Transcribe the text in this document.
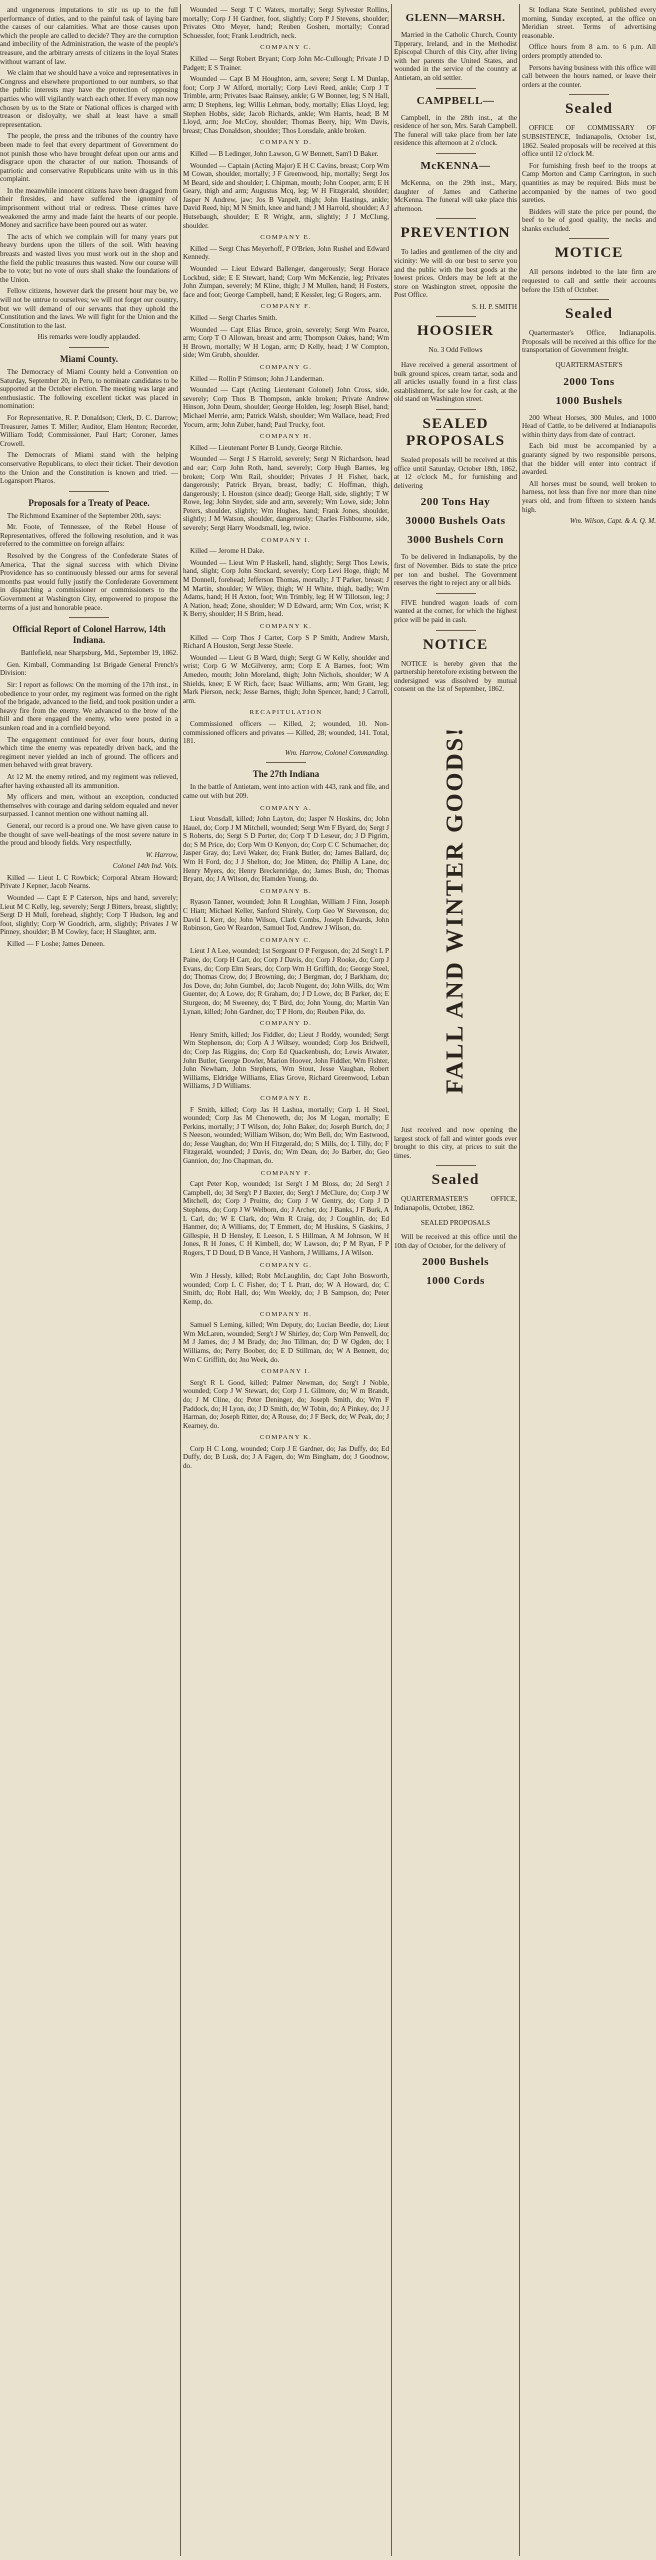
and ungenerous imputations to stir us up to the full performance of duties, and to the painful task of laying bare the causes of our calamities. What are those causes upon which the people are called to decide? They are the corruption and imbecility of the Administration, the waste of the people's treasure, and the arbitrary arrests of citizens in the loyal States without warrant of law.

We claim that we should have a voice and representatives in Congress and elsewhere proportioned to our numbers, so that the public interests may have the protection of opposing parties who will vigilantly watch each other. If every man now chosen by us to the State or National offices is charged with treason or disloyalty, we shall at least have a small representation.

The people, the press and the tribunes of the country have been made to feel that every department of Government do not punish those who have brought defeat upon our arms and disgrace upon the character of our nation. Thousands of patriotic and conservative Republicans unite with us in this complaint.

In the meanwhile innocent citizens have been dragged from their firesides, and have suffered the ignominy of imprisonment without trial or redress. These crimes have weakened the army and made faint the hearts of our people. Money and sacrifice have been poured out as water.

The acts of which we complain will for many years put heavy burdens upon the tillers of the soil. With heaving breasts and wasted lives you must work out in the shop and the field the public treasures thus wasted. Now our course will be to vote; but no vote of ours shall shake the foundations of the Union.

Fellow citizens, however dark the present hour may be, we will not be untrue to ourselves; we will not forget our country, but we will demand of our servants that they uphold the Constitution and the laws. We will fight for the Union and the Constitution to the last.

His remarks were loudly applauded.

Miami County.

The Democracy of Miami County held a Convention on Saturday, September 20, in Peru, to nominate candidates to be supported at the October election. The meeting was large and enthusiastic. The following excellent ticket was placed in nomination:

For Representative, R. P. Donaldson; Clerk, D. C. Darrow; Treasurer, James T. Miller; Auditor, Elam Henton; Recorder, William Todd; Commissioner, Paul Hart; Coroner, James Crowell.

The Democrats of Miami stand with the helping conservative Republicans, to elect their ticket. Their devotion to the Union and the Constitution is known and tried. — Logansport Pharos.

Proposals for a Treaty of Peace.

The Richmond Examiner of the September 20th, says:

Mr. Foote, of Tennessee, of the Rebel House of Representatives, offered the following resolution, and it was referred to the committee on foreign affairs:

Resolved by the Congress of the Confederate States of America, That the signal success with which Divine Providence has so continuously blessed our arms for several months past would fully justify the Confederate Government in dispatching a commissioner or commissioners to the Government at Washington City, empowered to propose the terms of a just and honorable peace.

Official Report of Colonel Harrow, 14th Indiana.

Battlefield, near Sharpsburg, Md., September 19, 1862.

Gen. Kimball, Commanding 1st Brigade General French's Division:

Sir: I report as follows: On the morning of the 17th inst., in obedience to your order, my regiment was formed on the right of the brigade, advanced to the field, and took position under a heavy fire from the enemy. We advanced to the brow of the hill and there engaged the enemy, who were posted in a sunken road and in a cornfield beyond.

The engagement continued for over four hours, during which time the enemy was repeatedly driven back, and the regiment never yielded an inch of ground. The officers and men behaved with great bravery.

At 12 M. the enemy retired, and my regiment was relieved, after having exhausted all its ammunition.

My officers and men, without an exception, conducted themselves with courage and daring seldom equaled and never surpassed. I cannot mention one without naming all.

General, our record is a proud one. We have given cause to be thought of save well-beatings of the most severe nature in the proud and bloody fields. Very respectfully,

W. Harrow,

Colonel 14th Ind. Vols.

Killed — Lieut L C Rowbick; Corporal Abram Howard; Private J Kepner, Jacob Nearns.

Wounded — Capt E P Caterson, hips and hand, severely; Lieut M C Kelly, leg, severely; Sergt J Bitters, breast, slightly; Sergt D H Mull, forehead, slightly; Corp T Hudson, leg and foot, slightly; Corp W Goodrich, arm, slightly; Privates J W Pinney, shoulder; B M Cowley, face; H Slaughter, arm.

Killed — F Loshe; James Deneen.

Wounded — Sergt T C Waters, mortally; Sergt Sylvester Rollins, mortally; Corp J H Gardner, foot, slightly; Corp P J Stevens, shoulder; Privates Otto Meyer, hand; Reuben Goshen, mortally; Conrad Schuessler, foot; Frank Leudtrich, neck.

COMPANY C.

Killed — Sergt Robert Bryant; Corp John Mc-Cullough; Private J D Padgett; E S Trainer.

Wounded — Capt B M Houghton, arm, severe; Sergt L M Dunlap, foot; Corp J W Alford, mortally; Corp Levi Reed, ankle; Corp J T Trimble, arm; Privates Isaac Rainsey, ankle; G W Bonner, leg; S N Hall, arm; D Stephens, leg; Willis Lehman, body, mortally; Elias Lloyd, leg; Stephen Hobbs, side; Jacob Richards, ankle; Wm Harris, head; B M Lloyd, arm; Joe McCoy, shoulder; Thomas Beery, hip; Wm Davis, breast; Chas Donaldson, shoulder; Thos Lonsdale, ankle broken.

COMPANY D.

Killed — B Ledinger, John Lawson, G W Bennett, Sam'l D Baker.

Wounded — Captain (Acting Major) E H C Cavins, breast; Corp Wm M Cowan, shoulder, mortally; J F Greenwood, hip, mortally; Sergt Jos M Beard, side and shoulder; L Chipman, mouth; John Cooper, arm; E H Geary, thigh and arm; Augustus Mcq, leg; W H Fitzgerald, shoulder; Jasper N Andrew, jaw; Jos B Vanpelt, thigh; John Hastings, ankle; David Reed, hip; M N Smith, knee and hand; J M Harrold, shoulder; A J Hutsebaugh, shoulder; E R Wright, arm, slightly; J J McClung, shoulder.

COMPANY E.

Killed — Sergt Chas Meyerhoff, P O'Brien, John Rushel and Edward Kennedy.

Wounded — Lieut Edward Ballenger, dangerously; Sergt Horace Lockbud, side; E E Stewart, hand; Corp Wm McKenzie, leg; Privates John Zumpan, severely; M Kline, thigh; J M Mullen, hand; H Fosters, face and foot; George Campbell, hand; E Kessler, leg; G Rogers, arm.

COMPANY F.

Killed — Sergt Charles Smith.

Wounded — Capt Elias Bruce, groin, severely; Sergt Wm Pearce, arm; Corp T O Allowan, breast and arm; Thompson Oakes, hand; Wm H Brown, mortally; W H Logan, arm; D Kelly, head; J W Compton, side; Wm Grubb, shoulder.

COMPANY G.

Killed — Rollin P Stimson; John J Landerman.

Wounded — Capt (Acting Lieutenant Colonel) John Cross, side, severely; Corp Thos B Thompson, ankle broken; Private Andrew Hinson, John Deum, shoulder; George Holden, leg; Joseph Bisel, hand; Michael Merrie, arm; Patrick Walsh, shoulder; Wm Wallace, head; Fred Yocum, arm; John Zuber, hand; Paul Trucky, foot.

COMPANY H.

Killed — Lieutenant Porter B Lundy, George Ritchie.

Wounded — Sergt J S Harrold, severely; Sergt N Richardson, head and ear; Corp John Roth, hand, severely; Corp Hugh Barnes, leg broken; Corp Wm Rail, shoulder; Privates J H Fisher, back, dangerously; Patrick Bryan, breast, badly; C Hoffman, thigh, dangerously; L Houston (since dead); George Hall, side, slightly; T W Rowe, leg; John Snyder, side and arm, severely; Wm Lowe, side; John Peters, shoulder, slightly; Wm Hughes, hand; Frank Jones, shoulder, slightly; J M Watson, shoulder, dangerously; Charles Fishbourne, side, severely; Sergt Harry Woodsmall, leg, twice.

COMPANY I.

Killed — Jerome H Dake.

Wounded — Lieut Wm P Haskell, hand, slightly; Sergt Thos Lewis, hand, slight; Corp John Stockard, severely; Corp Levi Hoge, thigh; M M Donnell, forehead; Jefferson Thomas, mortally; J T Parker, breast; J M Martin, shoulder; W Wiley, thigh; W H White, thigh, badly; Wm Adams, hand; H H Axton, foot; Wm Trimbly, leg; H W Tillotson, leg; J A Nation, head; Zone, shoulder; W D Edward, arm; Wm Cox, wrist; K K Berry, shoulder; H S Brim, head.

COMPANY K.

Killed — Corp Thos J Carter, Corp S P Smith, Andrew Marsh, Richard A Houston, Sergt Jesse Steele.

Wounded — Lieut G B Ward, thigh; Sergt G W Kelly, shoulder and wrist; Corp G W McGilverey, arm; Corp E A Barnes, foot; Wm Amedeo, mouth; John Moreland, thigh; John Nichols, shoulder; W A Shields, knee; E W Rich, face; Isaac Williams, arm; Wm Grant, leg; Mark Pierson, neck; Jesse Barnes, thigh; John Spencer, hand; J Carroll, arm.

RECAPITULATION

Commissioned officers — Killed, 2; wounded, 10. Non-commissioned officers and privates — Killed, 28; wounded, 141. Total, 181.

Wm. Harrow, Colonel Commanding.

The 27th Indiana

In the battle of Antietam, went into action with 443, rank and file, and came out with but 209.

COMPANY A.

Lieut Vonsdall, killed; John Layton, do; Jasper N Hoskins, do; John Hauel, do; Corp J M Mitchell, wounded; Sergt Wm F Byard, do; Sergt J S Roberts, do; Sergt S D Porter, do; Corp T D Leseur, do; J D Pigrim, do; S M Price, do; Corp Wm O Kenyon, do; Corp C C Schumacher, do; Jasper Gray, do; Levi Waker, do; Frank Butler, do; James Ballard, do; Wm H Ford, do; J J Shelton, do; Joe Mitten, do; Phillip A Lane, do; Henry Myers, do; Henry Breckenridge, do; James Bush, do; Thomas Bryant, do; J A Wilson, do; Hamden Young, do.

COMPANY B.

Ryason Tanner, wounded; John R Loughlan, William J Finn, Joseph C Hiatt; Michael Keller, Sanford Shirely, Corp Geo W Stevenson, do; David L Kerr, do; John Wilson, Clark Combs, Joseph Edwards, John Robinson, Geo W Reardon, Samuel Tod, Andrew J Wilson, do.

COMPANY C.

Lieut J A Lee, wounded; 1st Sergeant O P Ferguson, do; 2d Serg't L P Paine, do; Corp H Carr, do; Corp J Davis, do; Corp J Rooke, do; Corp J Evans, do; Corp Elm Sears, do; Corp Wm H Griffith, do; George Steel, do; Thomas Crow, do; J Browning, do; J Bergman, do; J Barkham, do; Jos Dove, do; John Gumbel, do; Jacob Nugent, do; John Wills, do; Wm Guenter, do; A Lowe, do; R Graham, do; J D Lowe, do; B Parker, do; E Sturgeon, do; M Sweeney, do; T Bird, do; John Young, do; Martin Van Lynan, killed; John Gardner, do; T P Horn, do; Reuben Pike, do.

COMPANY D.

Henry Smith, killed; Jos Fiddler, do; Lieut J Roddy, wounded; Sergt Wm Stephenson, do; Corp A J Wiltsey, wounded; Corp Jos Bridwell, do; Corp Jas Riggins, do; Corp Ed Quackenbush, do; Lewis Atwater, John Butler, George Dowler, Marion Hoover, John Fiddler, Wm Fishter, John Newham, John Stephens, Wm Stout, Jesse Vaughan, Robert Williams, Eldridge Williams, Elias Grove, Richard Greenwood, Leban Williams, J D Williams.

COMPANY E.

F Smith, killed; Corp Jas H Lashua, mortally; Corp L H Steel, wounded; Corp Jas M Chenoweth, do; Jos M Logan, mortally; E Perkins, mortally; J T Wilson, do; John Baker, do; Joseph Burtch, do; J S Neeson, wounded; William Wilson, do; Wm Bell, do; Wm Eastwood, do; Jesse Vaughan, do; Wm H Fitzgerald, do; S Mills, do; L Tilly, do; F Fitzgerald, wounded; J Davis, do; Wm Dean, do; Jo Barber, do; Geo Gannion, do; Jno Chapman, do.

COMPANY F.

Capt Peter Kop, wounded; 1st Serg't J M Bloss, do; 2d Serg't J Campbell, do; 3d Serg't P J Baxter, do; Serg't J McClure, do; Corp J W Mitchell, do; Corp J Pruitte, do; Corp J W Gentry, do; Corp J D Stephens, do; Corp J W Welborn, do; J Archer, do; J Banks, J F Burk, A L Carl, do; W E Clark, do; Wm R Craig, do; J Coughlin, do; Ed Hanmer, do; A Williams, do; T Emmett, do; M Huskins, S Gaskins, J Gillespie, H D Hensley, E Leeson, L S Hillman, A M Johnson, W H Jones, R H Jones, C H Kimbell, do; W Lawson, do; P M Ryan, F P Rogers, T D Doud, D B Vance, H Vanhorn, J Williams, J A Wilson.

COMPANY G.

Wm J Hessly, killed; Robt McLaughlin, do; Capt John Bosworth, wounded; Corp L C Fisher, do; T L Pratt, do; W A Howard, do; C Smith, do; Robt Hall, do; Wm Weekly, do; J B Sampson, do; Peter Kemp, do.

COMPANY H.

Samuel S Leming, killed; Wm Deputy, do; Lucian Beedle, do; Lieut Wm McLaren, wounded; Serg't J W Shirley, do; Corp Wm Penwell, do; M J James, do; J M Brady, do; Jno Tillman, do; D W Ogden, do; I Williams, do; Perry Boober, do; E D Stillman, do; W A Bennett, do; Wm C Griffith, do; Jno Week, do.

COMPANY I.

Serg't R L Good, killed; Palmer Newman, do; Serg't J Noble, wounded; Corp J W Stewart, do; Corp J L Gilmore, do; W m Brandt, do; J M Cline, do; Peter Deninger, do; Joseph Smith, do; Wm F Paddock, do; H Lyon, do; J D Smith, do; W Tobin, do; A Pinkey, do; J J Harman, do; Joseph Ritter, do; A Rouse, do; J F Beck, do; W Peak, do; J Kearney, do.

COMPANY K.

Corp H C Long, wounded; Corp J E Gardner, do; Jas Duffy, do; Ed Duffy, do; B Lusk, do; J A Fagen, do; Wm Bingham, do; J Goodnow, do.

GLENN—MARSH.

Married in the Catholic Church, County Tipperary, Ireland, and in the Methodist Episcopal Church of this City, after living with her parents the United States, and wounded in the service of the country at Antietam, an old settler.

CAMPBELL—

Campbell, in the 28th inst., at the residence of her son, Mrs. Sarah Campbell. The funeral will take place from her late residence this afternoon at 2 o'clock.

McKENNA—

McKenna, on the 29th inst., Mary, daughter of James and Catherine McKenna. The funeral will take place this afternoon.

PREVENTION

To ladies and gentlemen of the city and vicinity: We will do our best to serve you and the public with the best goods at the lowest prices. Orders may be left at the store on Washington street, opposite the Post Office.

S. H. P. SMITH

HOOSIER
No. 3 Odd Fellows

Have received a general assortment of bulk ground spices, cream tartar, soda and all articles usually found in a first class establishment, for sale low for cash, at the old stand on Washington street.

SEALED PROPOSALS

Sealed proposals will be received at this office until Saturday, October 18th, 1862, at 12 o'clock M., for furnishing and delivering

200 Tons Hay
30000 Bushels Oats
3000 Bushels Corn

To be delivered in Indianapolis, by the first of November. Bids to state the price per ton and bushel. The Government reserves the right to reject any or all bids.

FIVE hundred wagon loads of corn wanted at the corner, for which the highest price will be paid in cash.

NOTICE

NOTICE is hereby given that the partnership heretofore existing between the undersigned was dissolved by mutual consent on the 1st of September, 1862.

FALL AND WINTER GOODS!

Just received and now opening the largest stock of fall and winter goods ever brought to this city, at prices to suit the times.

Sealed

QUARTERMASTER'S OFFICE, Indianapolis, October, 1862.

SEALED PROPOSALS

Will be received at this office until the 10th day of October, for the delivery of

2000 Bushels
1000 Cords

St Indiana State Sentinel, published every morning, Sunday excepted, at the office on Meridian street. Terms of advertising reasonable.

Office hours from 8 a.m. to 6 p.m. All orders promptly attended to.

Persons having business with this office will call between the hours named, or leave their orders at the counter.

Sealed

OFFICE OF COMMISSARY OF SUBSISTENCE, Indianapolis, October 1st, 1862. Sealed proposals will be received at this office until 12 o'clock M.

For furnishing fresh beef to the troops at Camp Morton and Camp Carrington, in such quantities as may be required. Bids must be accompanied by the names of two good sureties.

Bidders will state the price per pound, the beef to be of good quality, the necks and shanks excluded.

MOTICE

All persons indebted to the late firm are requested to call and settle their accounts before the 15th of October.

Sealed

Quartermaster's Office, Indianapolis. Proposals will be received at this office for the transportation of Government freight.

QUARTERMASTER'S
2000 Tons
1000 Bushels

200 Wheat Horses, 300 Mules, and 1000 Head of Cattle, to be delivered at Indianapolis within thirty days from date of contract.

Each bid must be accompanied by a guaranty signed by two responsible persons, that the bidder will enter into contract if awarded.

All horses must be sound, well broken to harness, not less than five nor more than nine years old, and from fifteen to sixteen hands high.

Wm. Wilson, Capt. & A. Q. M.
